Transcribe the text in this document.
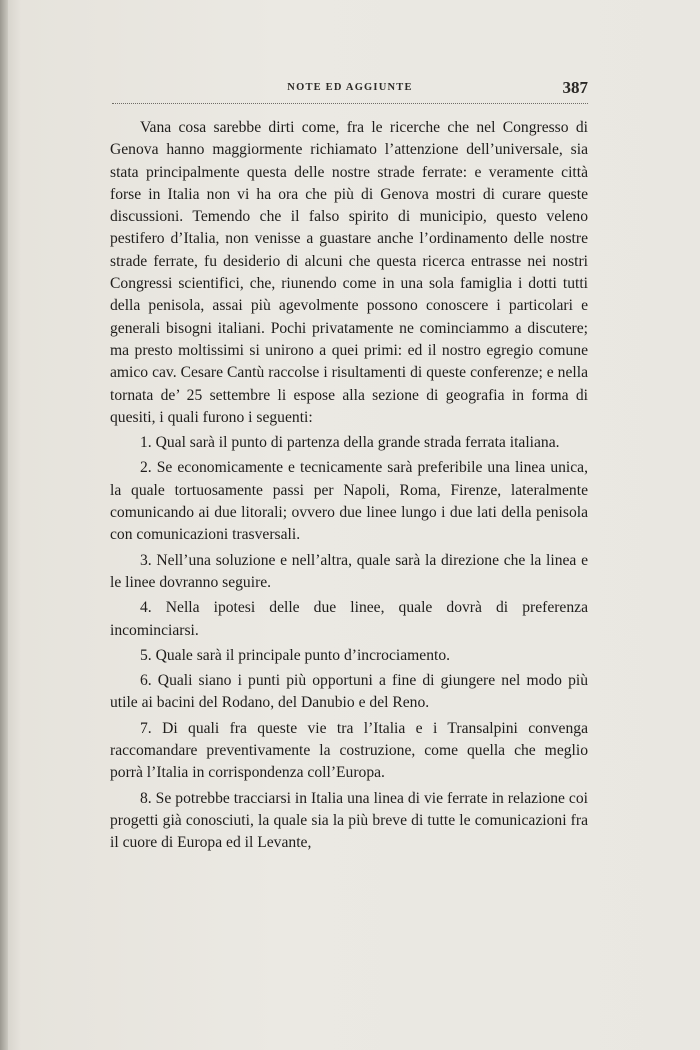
NOTE ED AGGIUNTE	387

Vana cosa sarebbe dirti come, fra le ricerche che nel Congresso di Genova hanno maggiormente richiamato l’attenzione dell’universale, sia stata principalmente questa delle nostre strade ferrate: e veramente città forse in Italia non vi ha ora che più di Genova mostri di curare queste discussioni. Temendo che il falso spirito di municipio, questo veleno pestifero d’Italia, non venisse a guastare anche l’ordinamento delle nostre strade ferrate, fu desiderio di alcuni che questa ricerca entrasse nei nostri Congressi scientifici, che, riunendo come in una sola famiglia i dotti tutti della penisola, assai più agevolmente possono conoscere i particolari e generali bisogni italiani. Pochi privatamente ne cominciammo a discutere; ma presto moltissimi si unirono a quei primi: ed il nostro egregio comune amico cav. Cesare Cantù raccolse i risultamenti di queste conferenze; e nella tornata de’ 25 settembre li espose alla sezione di geografia in forma di quesiti, i quali furono i seguenti:

1. Qual sarà il punto di partenza della grande strada ferrata italiana.

2. Se economicamente e tecnicamente sarà preferibile una linea unica, la quale tortuosamente passi per Napoli, Roma, Firenze, lateralmente comunicando ai due litorali; ovvero due linee lungo i due lati della penisola con comunicazioni trasversali.

3. Nell’una soluzione e nell’altra, quale sarà la direzione che la linea e le linee dovranno seguire.

4. Nella ipotesi delle due linee, quale dovrà di preferenza incominciarsi.

5. Quale sarà il principale punto d’incrociamento.

6. Quali siano i punti più opportuni a fine di giungere nel modo più utile ai bacini del Rodano, del Danubio e del Reno.

7. Di quali fra queste vie tra l’Italia e i Transalpini convenga raccomandare preventivamente la costruzione, come quella che meglio porrà l’Italia in corrispondenza coll’Europa.

8. Se potrebbe tracciarsi in Italia una linea di vie ferrate in relazione coi progetti già conosciuti, la quale sia la più breve di tutte le comunicazioni fra il cuore di Europa ed il Levante,
